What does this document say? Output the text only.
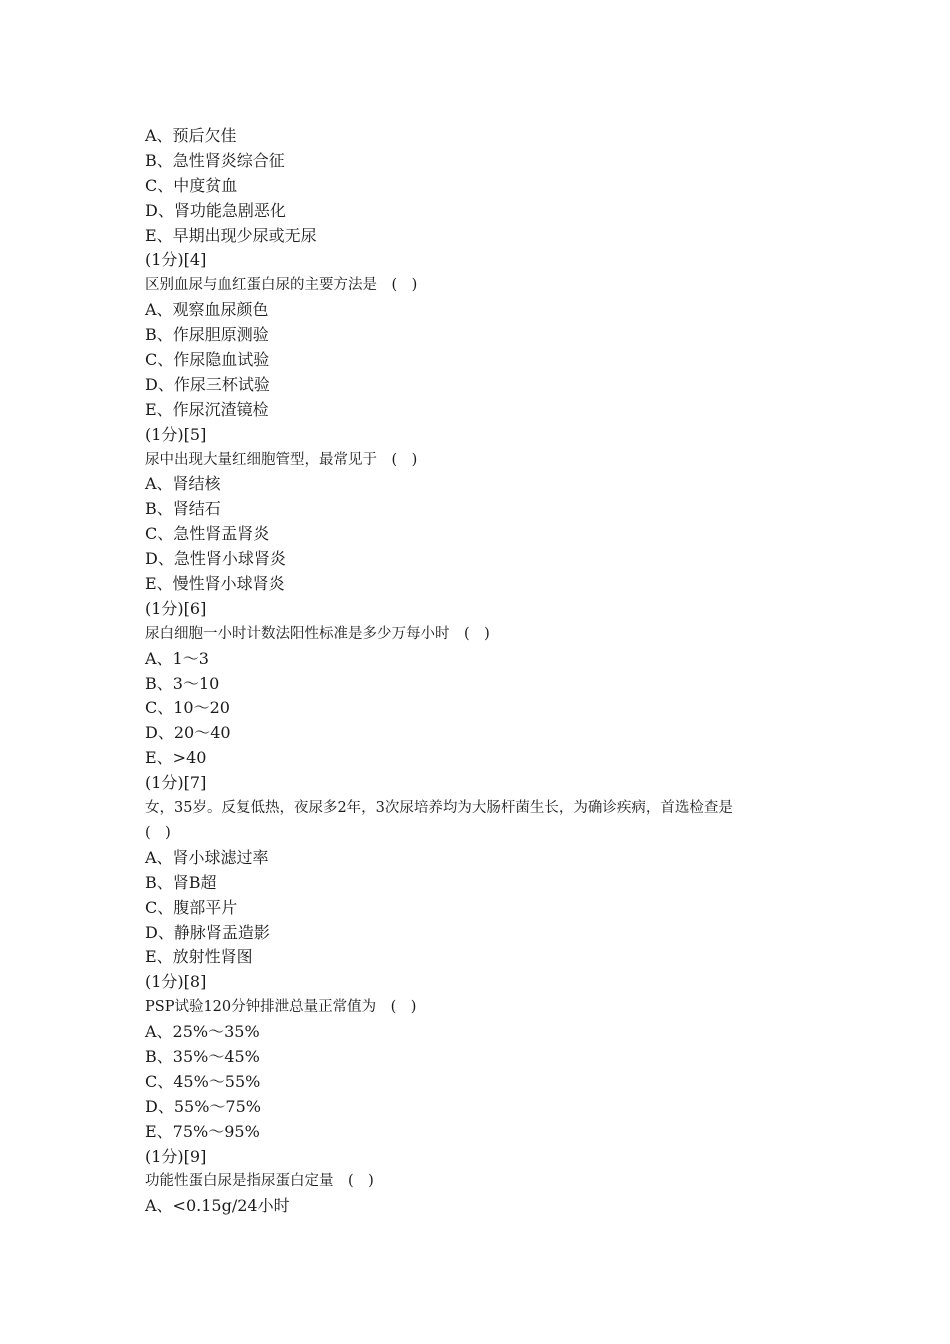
A、预后欠佳
B、急性肾炎综合征
C、中度贫血
D、肾功能急剧恶化
E、早期出现少尿或无尿
(1分)[4]
区别血尿与血红蛋白尿的主要方法是　(　)
A、观察血尿颜色
B、作尿胆原测验
C、作尿隐血试验
D、作尿三杯试验
E、作尿沉渣镜检
(1分)[5]
尿中出现大量红细胞管型，最常见于　(　)
A、肾结核
B、肾结石
C、急性肾盂肾炎
D、急性肾小球肾炎
E、慢性肾小球肾炎
(1分)[6]
尿白细胞一小时计数法阳性标准是多少万每小时　(　)
A、1～3
B、3～10
C、10～20
D、20～40
E、>40
(1分)[7]
女，35岁。反复低热，夜尿多2年，3次尿培养均为大肠杆菌生长，为确诊疾病，首选检查是
(　)
A、肾小球滤过率
B、肾B超
C、腹部平片
D、静脉肾盂造影
E、放射性肾图
(1分)[8]
PSP试验120分钟排泄总量正常值为　(　)
A、25%～35%
B、35%～45%
C、45%～55%
D、55%～75%
E、75%～95%
(1分)[9]
功能性蛋白尿是指尿蛋白定量　(　)
A、<0.15g/24小时
